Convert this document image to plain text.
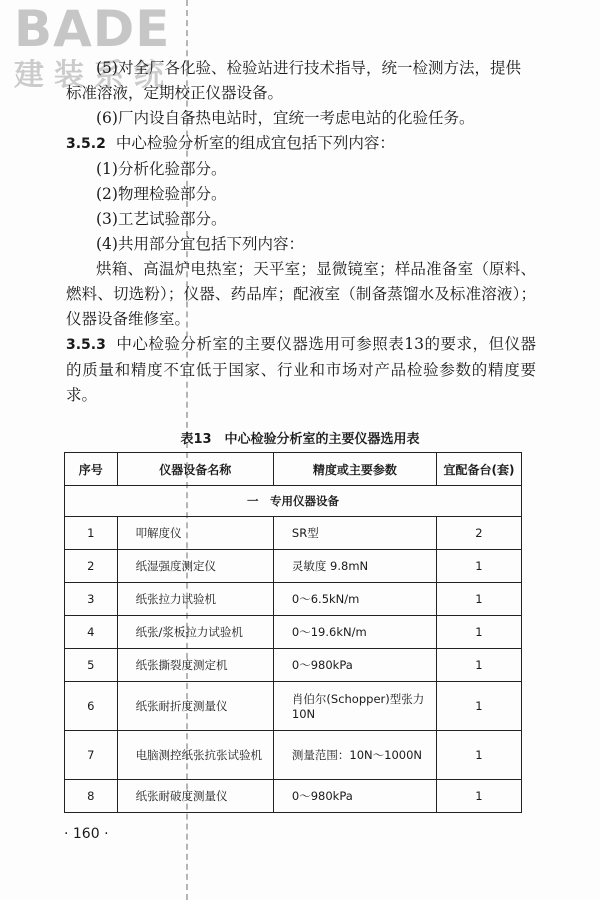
BADE
建装系统
(5)对全厂各化验、检验站进行技术指导，统一检测方法，提供
标准溶液，定期校正仪器设备。
(6)厂内设自备热电站时，宜统一考虑电站的化验任务。
3.5.2 中心检验分析室的组成宜包括下列内容：
(1)分析化验部分。
(2)物理检验部分。
(3)工艺试验部分。
(4)共用部分宜包括下列内容：
烘箱、高温炉电热室；天平室；显微镜室；样品准备室（原料、燃料、切选粉）；仪器、药品库；配液室（制备蒸馏水及标准溶液）；仪器设备维修室。
3.5.3 中心检验分析室的主要仪器选用可参照表13的要求，但仪器的质量和精度不宜低于国家、行业和市场对产品检验参数的精度要求。
表13　中心检验分析室的主要仪器选用表
序号	仪器设备名称	精度或主要参数	宜配备台(套)
一　专用仪器设备			
1	叩解度仪	SR型	2
2	纸湿强度测定仪	灵敏度 9.8mN	1
3	纸张拉力试验机	0～6.5kN/m	1
4	纸张/浆板拉力试验机	0～19.6kN/m	1
5	纸张撕裂度测定机	0～980kPa	1
6	纸张耐折度测量仪	肖伯尔(Schopper)型张力10N	1
7	电脑测控纸张抗张试验机	测量范围：10N～1000N	1
8	纸张耐破度测量仪	0～980kPa	1
· 160 ·
